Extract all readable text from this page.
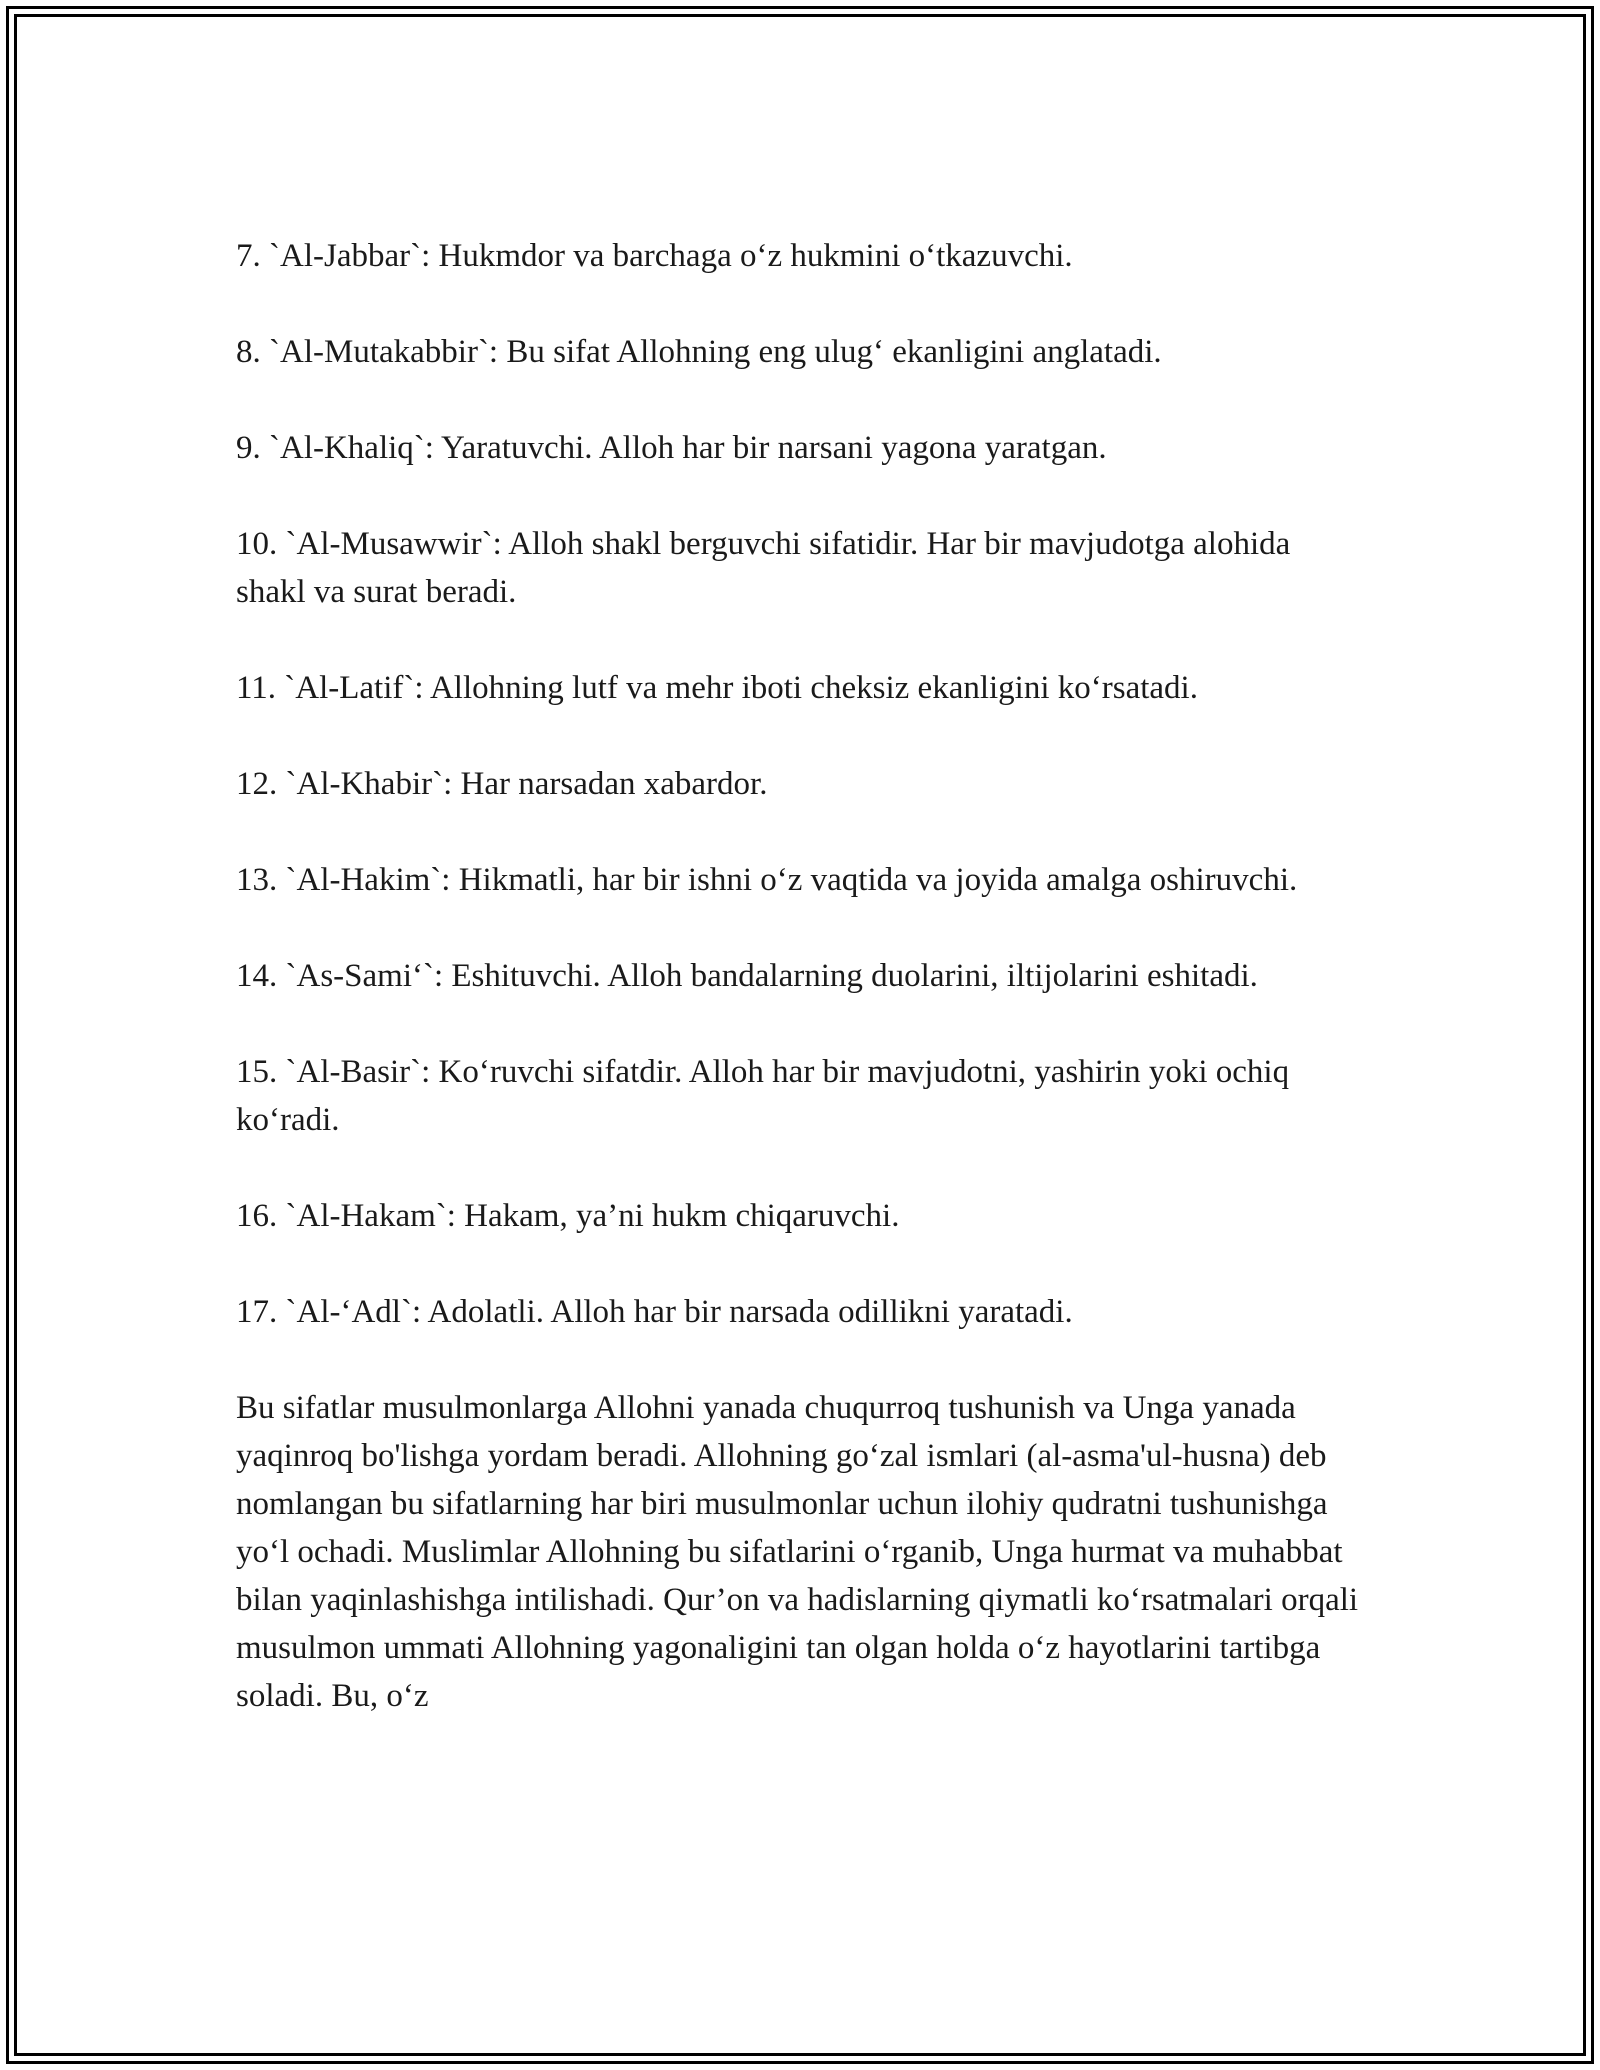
7. `Al-Jabbar`: Hukmdor va barchaga o‘z hukmini o‘tkazuvchi.

8. `Al-Mutakabbir`: Bu sifat Allohning eng ulug‘ ekanligini anglatadi.

9. `Al-Khaliq`: Yaratuvchi. Alloh har bir narsani yagona yaratgan.

10. `Al-Musawwir`: Alloh shakl berguvchi sifatidir. Har bir mavjudotga alohida shakl va surat beradi.

11. `Al-Latif`: Allohning lutf va mehr iboti cheksiz ekanligini ko‘rsatadi.

12. `Al-Khabir`: Har narsadan xabardor.

13. `Al-Hakim`: Hikmatli, har bir ishni o‘z vaqtida va joyida amalga oshiruvchi.

14. `As-Sami‘`: Eshituvchi. Alloh bandalarning duolarini, iltijolarini eshitadi.

15. `Al-Basir`: Ko‘ruvchi sifatdir. Alloh har bir mavjudotni, yashirin yoki ochiq ko‘radi.

16. `Al-Hakam`: Hakam, ya’ni hukm chiqaruvchi.

17. `Al-‘Adl`: Adolatli. Alloh har bir narsada odillikni yaratadi.

Bu sifatlar musulmonlarga Allohni yanada chuqurroq tushunish va Unga yanada yaqinroq bo'lishga yordam beradi. Allohning go‘zal ismlari (al-asma'ul-husna) deb nomlangan bu sifatlarning har biri musulmonlar uchun ilohiy qudratni tushunishga yo‘l ochadi. Muslimlar Allohning bu sifatlarini o‘rganib, Unga hurmat va muhabbat bilan yaqinlashishga intilishadi. Qur’on va hadislarning qiymatli ko‘rsatmalari orqali musulmon ummati Allohning yagonaligini tan olgan holda o‘z hayotlarini tartibga soladi. Bu, o‘z
